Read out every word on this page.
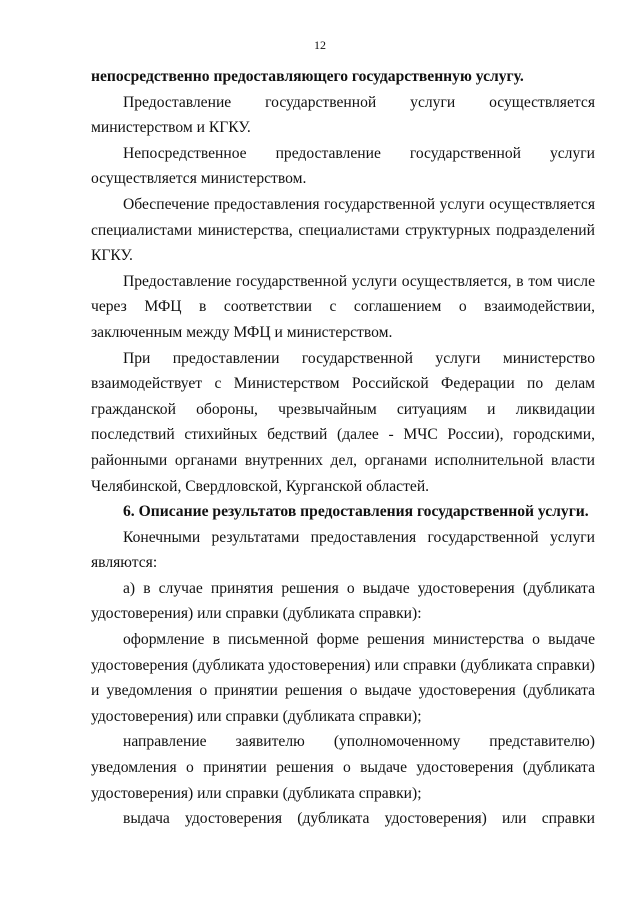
12

непосредственно предоставляющего государственную услугу.

Предоставление государственной услуги осуществляется министерством и КГКУ.

Непосредственное предоставление государственной услуги осуществляется министерством.

Обеспечение предоставления государственной услуги осуществляется специалистами министерства, специалистами структурных подразделений КГКУ.

Предоставление государственной услуги осуществляется, в том числе через МФЦ в соответствии с соглашением о взаимодействии, заключенным между МФЦ и министерством.

При предоставлении государственной услуги министерство взаимодействует с Министерством Российской Федерации по делам гражданской обороны, чрезвычайным ситуациям и ликвидации последствий стихийных бедствий (далее - МЧС России), городскими, районными органами внутренних дел, органами исполнительной власти Челябинской, Свердловской, Курганской областей.

6. Описание результатов предоставления государственной услуги.

Конечными результатами предоставления государственной услуги являются:

а) в случае принятия решения о выдаче удостоверения (дубликата удостоверения) или справки (дубликата справки):

оформление в письменной форме решения министерства о выдаче удостоверения (дубликата удостоверения) или справки (дубликата справки) и уведомления о принятии решения о выдаче удостоверения (дубликата удостоверения) или справки (дубликата справки);

направление заявителю (уполномоченному представителю) уведомления о принятии решения о выдаче удостоверения (дубликата удостоверения) или справки (дубликата справки);

выдача удостоверения (дубликата удостоверения) или справки
